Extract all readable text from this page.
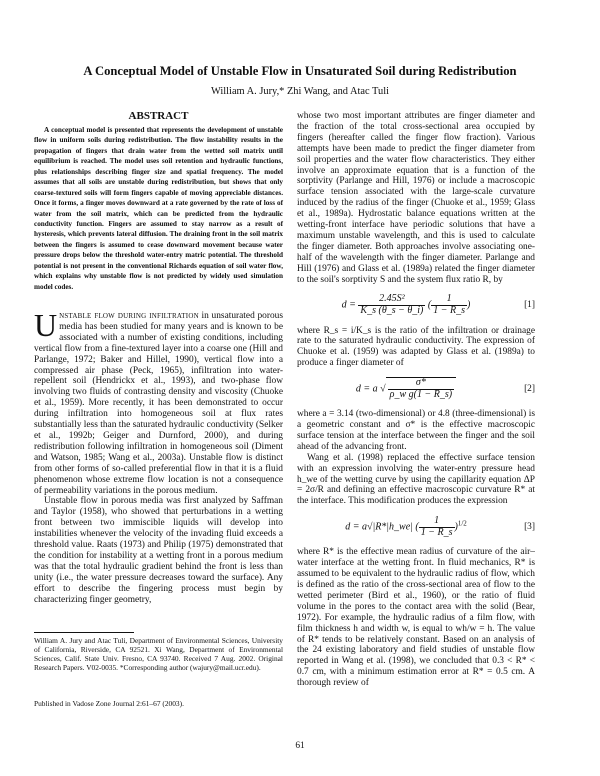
A Conceptual Model of Unstable Flow in Unsaturated Soil during Redistribution
William A. Jury,* Zhi Wang, and Atac Tuli
ABSTRACT

A conceptual model is presented that represents the development of unstable flow in uniform soils during redistribution. The flow instability results in the propagation of fingers that drain water from the wetted soil matrix until equilibrium is reached. The model uses soil retention and hydraulic functions, plus relationships describing finger size and spatial frequency. The model assumes that all soils are unstable during redistribution, but shows that only coarse-textured soils will form fingers capable of moving appreciable distances. Once it forms, a finger moves downward at a rate governed by the rate of loss of water from the soil matrix, which can be predicted from the hydraulic conductivity function. Fingers are assumed to stay narrow as a result of hysteresis, which prevents lateral diffusion. The draining front in the soil matrix between the fingers is assumed to cease downward movement because water pressure drops below the threshold water-entry matric potential. The threshold potential is not present in the conventional Richards equation of soil water flow, which explains why unstable flow is not predicted by widely used simulation model codes.

Unstable flow during infiltration in unsaturated porous media has been studied for many years and is known to be associated with a number of existing conditions, including vertical flow from a fine-textured layer into a coarse one (Hill and Parlange, 1972; Baker and Hillel, 1990), vertical flow into a compressed air phase (Peck, 1965), infiltration into water-repellent soil (Hendrickx et al., 1993), and two-phase flow involving two fluids of contrasting density and viscosity (Chuoke et al., 1959). More recently, it has been demonstrated to occur during infiltration into homogeneous soil at flux rates substantially less than the saturated hydraulic conductivity (Selker et al., 1992b; Geiger and Durnford, 2000), and during redistribution following infiltration in homogeneous soil (Diment and Watson, 1985; Wang et al., 2003a). Unstable flow is distinct from other forms of so-called preferential flow in that it is a fluid phenomenon whose extreme flow location is not a consequence of permeability variations in the porous medium.

Unstable flow in porous media was first analyzed by Saffman and Taylor (1958), who showed that perturbations in a wetting front between two immiscible liquids will develop into instabilities whenever the velocity of the invading fluid exceeds a threshold value. Raats (1973) and Philip (1975) demonstrated that the condition for instability at a wetting front in a porous medium was that the total hydraulic gradient behind the front is less than unity (i.e., the water pressure decreases toward the surface). Any effort to describe the fingering process must begin by characterizing finger geometry,

William A. Jury and Atac Tuli, Department of Environmental Sciences, University of California, Riverside, CA 92521. Xi Wang, Department of Environmental Sciences, Calif. State Univ. Fresno, CA 93740. Received 7 Aug. 2002. Original Research Papers. V02-0035. *Corresponding author (wajury@mail.ucr.edu).
Published in Vadose Zone Journal 2:61–67 (2003).

whose two most important attributes are finger diameter and the fraction of the total cross-sectional area occupied by fingers (hereafter called the finger flow fraction). Various attempts have been made to predict the finger diameter from soil properties and the water flow characteristics. They either involve an approximate equation that is a function of the sorptivity (Parlange and Hill, 1976) or include a macroscopic surface tension associated with the large-scale curvature induced by the radius of the finger (Chuoke et al., 1959; Glass et al., 1989a). Hydrostatic balance equations written at the wetting-front interface have periodic solutions that have a maximum unstable wavelength, and this is used to calculate the finger diameter. Both approaches involve associating one-half of the wavelength with the finger diameter. Parlange and Hill (1976) and Glass et al. (1989a) related the finger diameter to the soil's sorptivity S and the system flux ratio R, by

$d = \frac{\text{2.45S²}}{K\_s (\theta\_s - \theta\_i)}$ ( $\frac{1}{1 - R\_s}$ )	[1]

where R_s = i/K_s is the ratio of the infiltration or drainage rate to the saturated hydraulic conductivity. The expression of Chuoke et al. (1959) was adapted by Glass et al. (1989a) to produce a finger diameter of

d = a √ $\frac{\sigma*}{\text{ρ\_w g(1 − R\_s)}}$	[2]

where a = 3.14 (two-dimensional) or 4.8 (three-dimensional) is a geometric constant and σ* is the effective macroscopic surface tension at the interface between the finger and the soil ahead of the advancing front.

Wang et al. (1998) replaced the effective surface tension with an expression involving the water-entry pressure head h_we of the wetting curve by using the capillarity equation ΔP = 2σ/R and defining an effective macroscopic curvature R* at the interface. This modification produces the expression

d = a√|R*|h_we| ( $\frac{1}{1 - R\_s} )^{1/2}$	[3]

where R* is the effective mean radius of curvature of the air–water interface at the wetting front. In fluid mechanics, R* is assumed to be equivalent to the hydraulic radius of flow, which is defined as the ratio of the cross-sectional area of flow to the wetted perimeter (Bird et al., 1960), or the ratio of fluid volume in the pores to the contact area with the solid (Bear, 1972). For example, the hydraulic radius of a film flow, with film thickness h and width w, is equal to wh/w = h. The value of R* tends to be relatively constant. Based on an analysis of the 24 existing laboratory and field studies of unstable flow reported in Wang et al. (1998), we concluded that 0.3 < R* < 0.7 cm, with a minimum estimation error at R* = 0.5 cm. A thorough review of

61
